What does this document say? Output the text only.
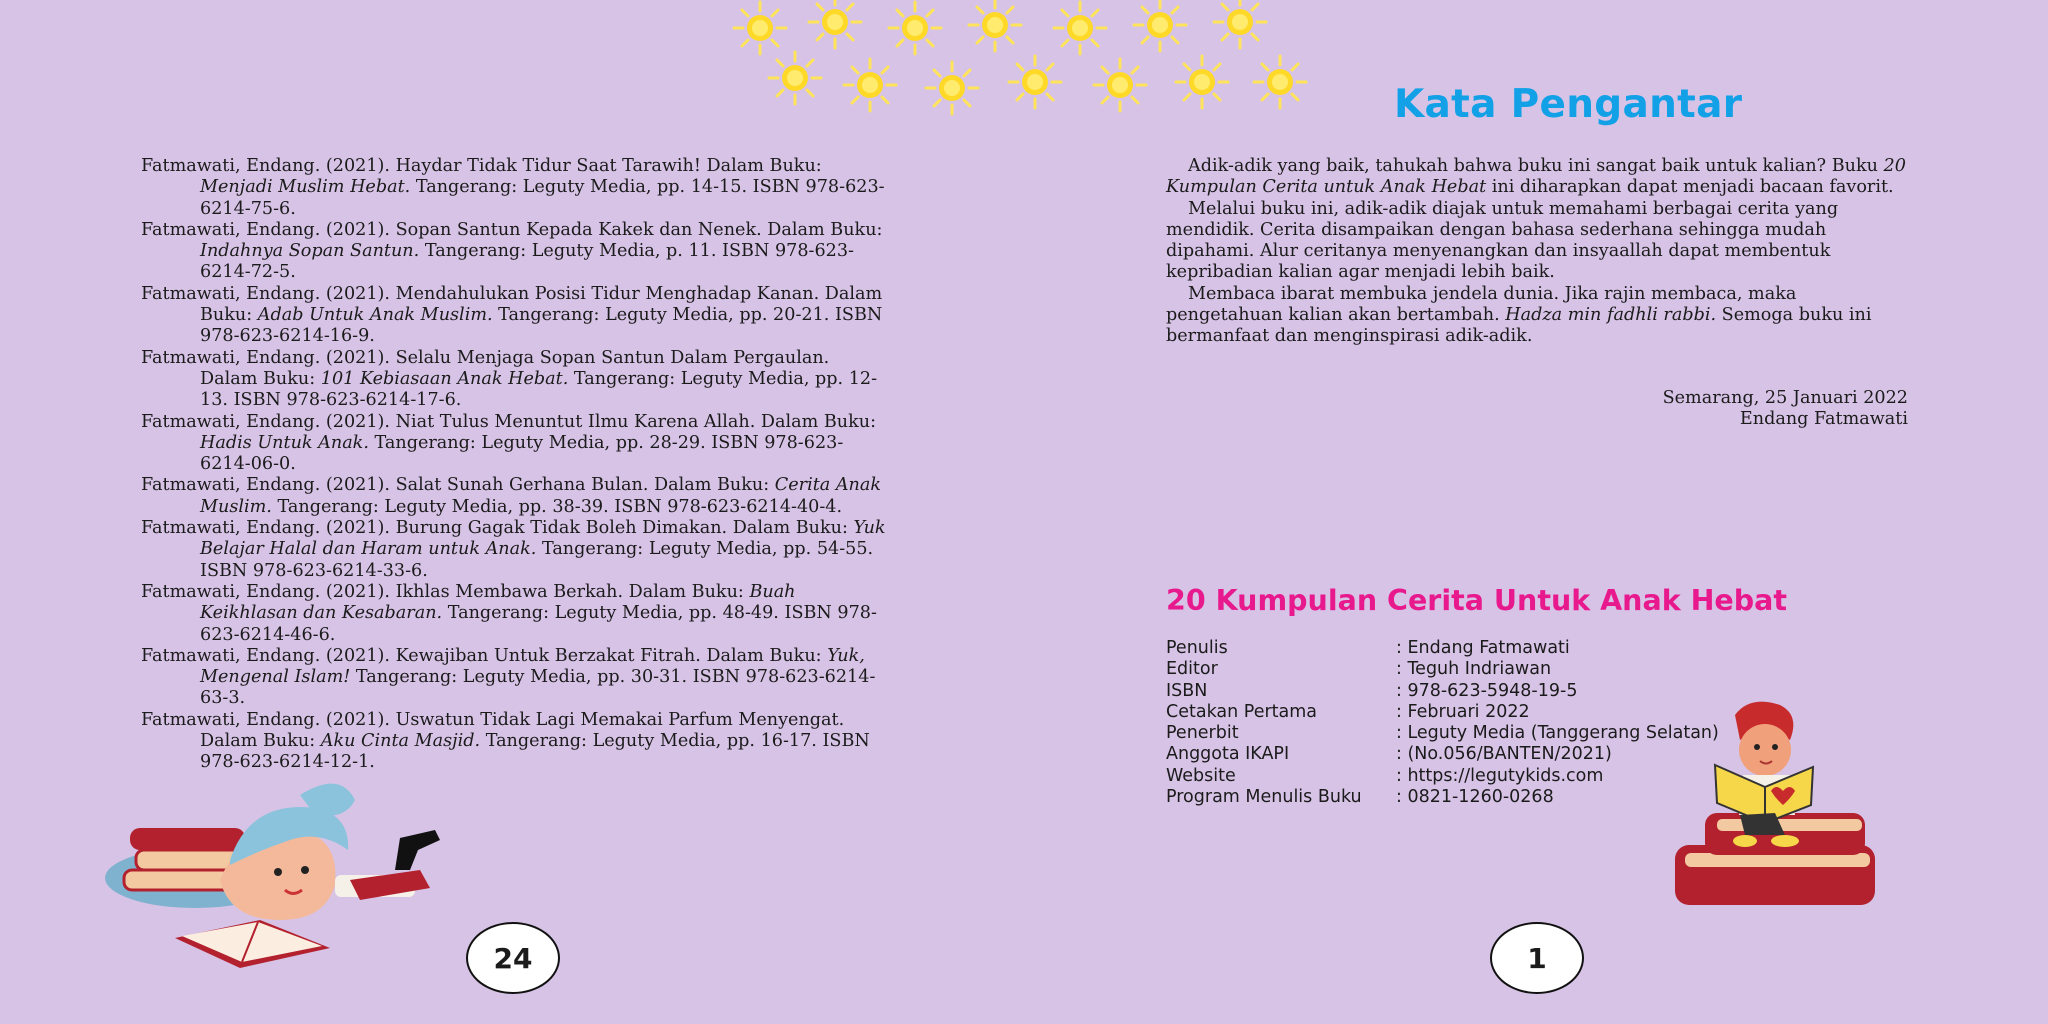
Fatmawati, Endang. (2021). Haydar Tidak Tidur Saat Tarawih! Dalam Buku: Menjadi Muslim Hebat. Tangerang: Leguty Media, pp. 14-15. ISBN 978-623-6214-75-6.

Fatmawati, Endang. (2021). Sopan Santun Kepada Kakek dan Nenek. Dalam Buku: Indahnya Sopan Santun. Tangerang: Leguty Media, p. 11. ISBN 978-623-6214-72-5.

Fatmawati, Endang. (2021). Mendahulukan Posisi Tidur Menghadap Kanan. Dalam Buku: Adab Untuk Anak Muslim. Tangerang: Leguty Media, pp. 20-21. ISBN 978-623-6214-16-9.

Fatmawati, Endang. (2021). Selalu Menjaga Sopan Santun Dalam Pergaulan. Dalam Buku: 101 Kebiasaan Anak Hebat. Tangerang: Leguty Media, pp. 12-13. ISBN 978-623-6214-17-6.

Fatmawati, Endang. (2021). Niat Tulus Menuntut Ilmu Karena Allah. Dalam Buku: Hadis Untuk Anak. Tangerang: Leguty Media, pp. 28-29. ISBN 978-623-6214-06-0.

Fatmawati, Endang. (2021). Salat Sunah Gerhana Bulan. Dalam Buku: Cerita Anak Muslim. Tangerang: Leguty Media, pp. 38-39. ISBN 978-623-6214-40-4.

Fatmawati, Endang. (2021). Burung Gagak Tidak Boleh Dimakan. Dalam Buku: Yuk Belajar Halal dan Haram untuk Anak. Tangerang: Leguty Media, pp. 54-55. ISBN 978-623-6214-33-6.

Fatmawati, Endang. (2021). Ikhlas Membawa Berkah. Dalam Buku: Buah Keikhlasan dan Kesabaran. Tangerang: Leguty Media, pp. 48-49. ISBN 978-623-6214-46-6.

Fatmawati, Endang. (2021). Kewajiban Untuk Berzakat Fitrah. Dalam Buku: Yuk, Mengenal Islam! Tangerang: Leguty Media, pp. 30-31. ISBN 978-623-6214-63-3.

Fatmawati, Endang. (2021). Uswatun Tidak Lagi Memakai Parfum Menyengat. Dalam Buku: Aku Cinta Masjid. Tangerang: Leguty Media, pp. 16-17. ISBN 978-623-6214-12-1.

24
Kata Pengantar

Adik-adik yang baik, tahukah bahwa buku ini sangat baik untuk kalian? Buku 20 Kumpulan Cerita untuk Anak Hebat ini diharapkan dapat menjadi bacaan favorit.

Melalui buku ini, adik-adik diajak untuk memahami berbagai cerita yang mendidik. Cerita disampaikan dengan bahasa sederhana sehingga mudah dipahami. Alur ceritanya menyenangkan dan insyaallah dapat membentuk kepribadian kalian agar menjadi lebih baik.

Membaca ibarat membuka jendela dunia. Jika rajin membaca, maka pengetahuan kalian akan bertambah. Hadza min fadhli rabbi. Semoga buku ini bermanfaat dan menginspirasi adik-adik.

Semarang, 25 Januari 2022
Endang Fatmawati
20 Kumpulan Cerita Untuk Anak Hebat
Penulis	: Endang Fatmawati
Editor	: Teguh Indriawan
ISBN	: 978-623-5948-19-5
Cetakan Pertama	: Februari 2022
Penerbit	: Leguty Media (Tanggerang Selatan)
Anggota IKAPI	: (No.056/BANTEN/2021)
Website	: https://legutykids.com
Program Menulis Buku	: 0821-1260-0268
1
